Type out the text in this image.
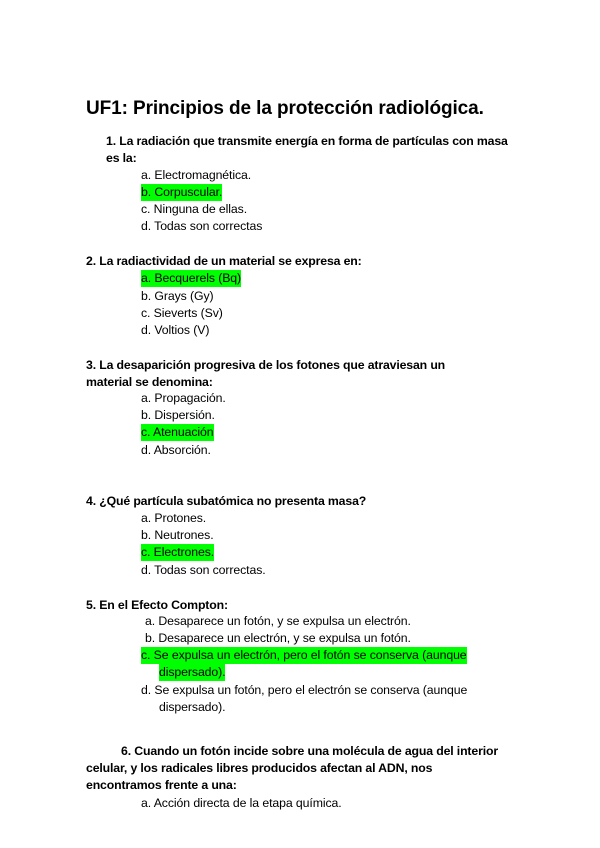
UF1: Principios de la protección radiológica.
1. La radiación que transmite energía en forma de partículas con masa
es la:
a. Electromagnética.
b. Corpuscular.
c. Ninguna de ellas.
d. Todas son correctas
2. La radiactividad de un material se expresa en:
a. Becquerels (Bq)
b. Grays (Gy)
c. Sieverts (Sv)
d. Voltios (V)
3. La desaparición progresiva de los fotones que atraviesan un
material se denomina:
a. Propagación.
b. Dispersión.
c. Atenuación
d. Absorción.
4. ¿Qué partícula subatómica no presenta masa?
a. Protones.
b. Neutrones.
c. Electrones.
d. Todas son correctas.
5. En el Efecto Compton:
a. Desaparece un fotón, y se expulsa un electrón.
b. Desaparece un electrón, y se expulsa un fotón.
c. Se expulsa un electrón, pero el fotón se conserva (aunque
dispersado).
d. Se expulsa un fotón, pero el electrón se conserva (aunque
dispersado).
6. Cuando un fotón incide sobre una molécula de agua del interior
celular, y los radicales libres producidos afectan al ADN, nos
encontramos frente a una:
a. Acción directa de la etapa química.
